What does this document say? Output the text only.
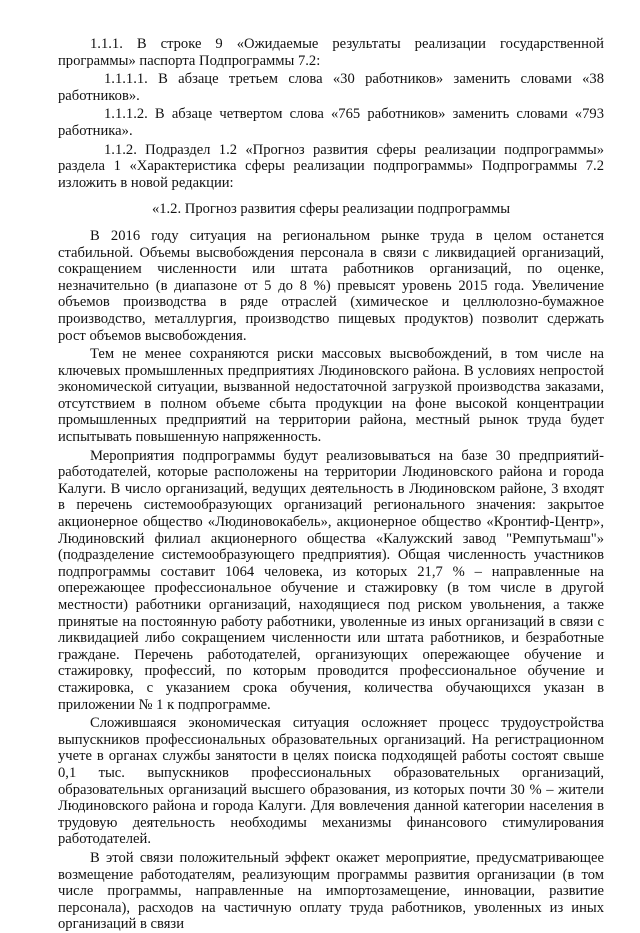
1.1.1. В строке 9 «Ожидаемые результаты реализации государственной программы» паспорта Подпрограммы 7.2:

1.1.1.1. В абзаце третьем слова «30 работников» заменить словами «38 работников».

1.1.1.2. В абзаце четвертом слова «765 работников» заменить словами «793 работника».

1.1.2. Подраздел 1.2 «Прогноз развития сферы реализации подпрограммы» раздела 1 «Характеристика сферы реализации подпрограммы» Подпрограммы 7.2 изложить в новой редакции:

«1.2. Прогноз развития сферы реализации подпрограммы

В 2016 году ситуация на региональном рынке труда в целом останется стабильной. Объемы высвобождения персонала в связи с ликвидацией организаций, сокращением численности или штата работников организаций, по оценке, незначительно (в диапазоне от 5 до 8 %) превысят уровень 2015 года. Увеличение объемов производства в ряде отраслей (химическое и целлюлозно-бумажное производство, металлургия, производство пищевых продуктов) позволит сдержать рост объемов высвобождения.

Тем не менее сохраняются риски массовых высвобождений, в том числе на ключевых промышленных предприятиях Людиновского района. В условиях непростой экономической ситуации, вызванной недостаточной загрузкой производства заказами, отсутствием в полном объеме сбыта продукции на фоне высокой концентрации промышленных предприятий на территории района, местный рынок труда будет испытывать повышенную напряженность.

Мероприятия подпрограммы будут реализовываться на базе 30 предприятий-работодателей, которые расположены на территории Людиновского района и города Калуги. В число организаций, ведущих деятельность в Людиновском районе, 3 входят в перечень системообразующих организаций регионального значения: закрытое акционерное общество «Людиновокабель», акционерное общество «Кронтиф-Центр», Людиновский филиал акционерного общества «Калужский завод "Ремпутьмаш"» (подразделение системообразующего предприятия). Общая численность участников подпрограммы составит 1064 человека, из которых 21,7 % – направленные на опережающее профессиональное обучение и стажировку (в том числе в другой местности) работники организаций, находящиеся под риском увольнения, а также принятые на постоянную работу работники, уволенные из иных организаций в связи с ликвидацией либо сокращением численности или штата работников, и безработные граждане. Перечень работодателей, организующих опережающее обучение и стажировку, профессий, по которым проводится профессиональное обучение и стажировка, с указанием срока обучения, количества обучающихся указан в приложении № 1 к подпрограмме.

Сложившаяся экономическая ситуация осложняет процесс трудоустройства выпускников профессиональных образовательных организаций. На регистрационном учете в органах службы занятости в целях поиска подходящей работы состоят свыше 0,1 тыс. выпускников профессиональных образовательных организаций, образовательных организаций высшего образования, из которых почти 30 % – жители Людиновского района и города Калуги. Для вовлечения данной категории населения в трудовую деятельность необходимы механизмы финансового стимулирования работодателей.

В этой связи положительный эффект окажет мероприятие, предусматривающее возмещение работодателям, реализующим программы развития организации (в том числе программы, направленные на импортозамещение, инновации, развитие персонала), расходов на частичную оплату труда работников, уволенных из иных организаций в связи
